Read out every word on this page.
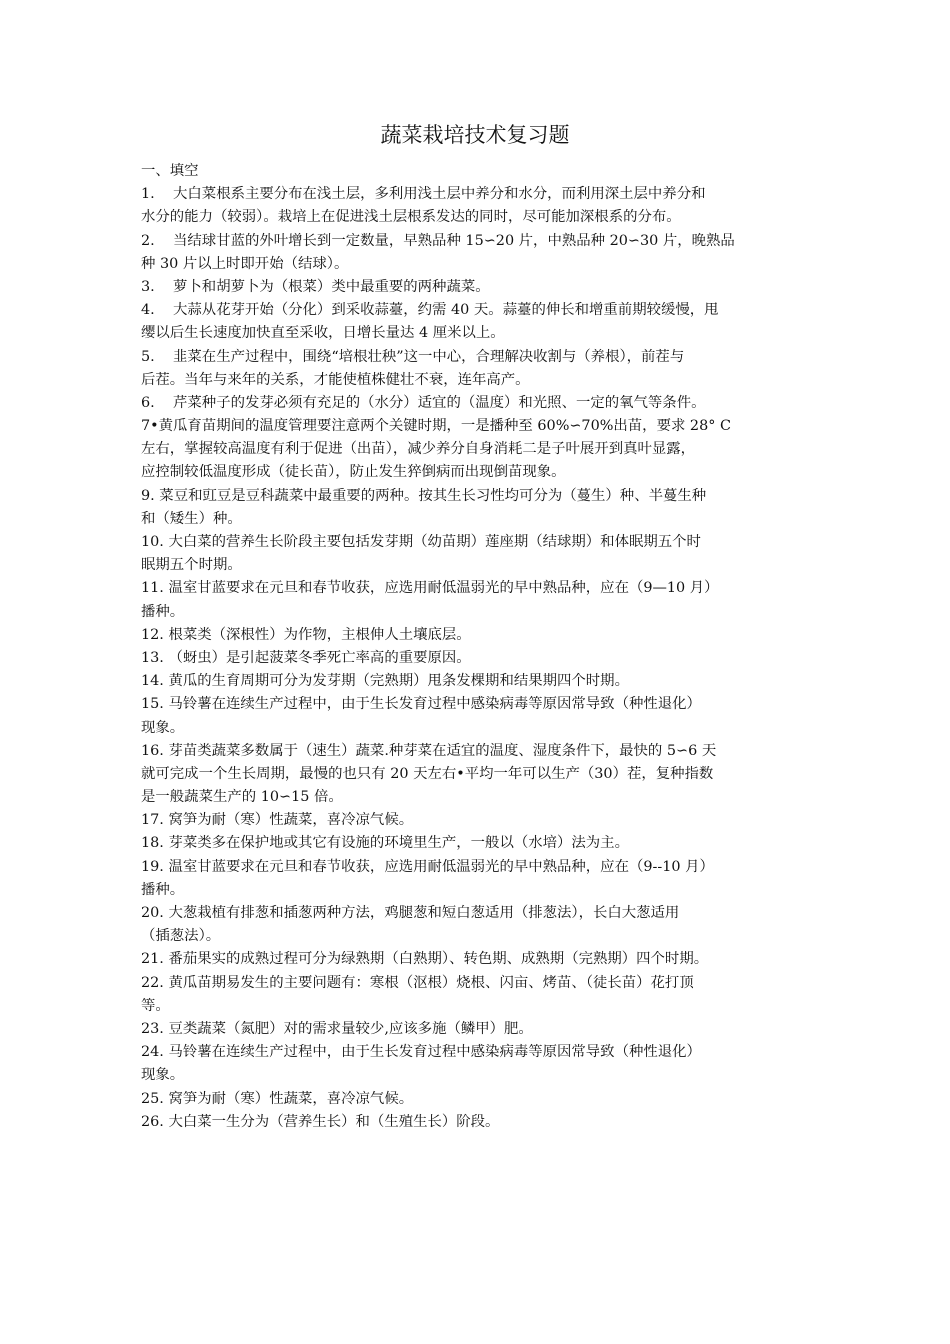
蔬菜栽培技术复习题
一、填空
1.    大白菜根系主要分布在浅土层，多利用浅土层中养分和水分，而利用深土层中养分和
水分的能力（较弱）。栽培上在促进浅土层根系发达的同时，尽可能加深根系的分布。
2.    当结球甘蓝的外叶增长到一定数量，早熟品种 15∽20 片，中熟品种 20∽30 片，晚熟品
种 30 片以上时即开始（结球）。
3.    萝卜和胡萝卜为（根菜）类中最重要的两种蔬菜。
4.    大蒜从花芽开始（分化）到采收蒜薹，约需 40 天。蒜薹的伸长和增重前期较缓慢，甩
缨以后生长速度加快直至采收，日增长量达 4 厘米以上。
5.    韭菜在生产过程中，围绕“培根壮秧”这一中心，合理解决收割与（养根），前茬与
后茬。当年与来年的关系，才能使植株健壮不衰，连年高产。
6.    芹菜种子的发芽必须有充足的（水分）适宜的（温度）和光照、一定的氧气等条件。
7•黄瓜育苗期间的温度管理要注意两个关键时期，一是播种至 60%∽70%出苗，要求 28° C
左右，掌握较高温度有利于促进（出苗），减少养分自身消耗二是子叶展开到真叶显露，
应控制较低温度形成（徒长苗），防止发生猝倒病而出现倒苗现象。
9. 菜豆和豇豆是豆科蔬菜中最重要的两种。按其生长习性均可分为（蔓生）种、半蔓生种
和（矮生）种。
10. 大白菜的营养生长阶段主要包括发芽期（幼苗期）莲座期（结球期）和体眠期五个时
眠期五个时期。
11. 温室甘蓝要求在元旦和春节收获，应选用耐低温弱光的早中熟品种，应在（9—10 月）
播种。
12. 根菜类（深根性）为作物，主根伸人土壤底层。
13. （蚜虫）是引起菠菜冬季死亡率高的重要原因。
14. 黄瓜的生育周期可分为发芽期（完熟期）甩条发棵期和结果期四个时期。
15. 马铃薯在连续生产过程中，由于生长发育过程中感染病毒等原因常导致（种性退化）
现象。
16. 芽苗类蔬菜多数属于（速生）蔬菜.种芽菜在适宜的温度、湿度条件下，最快的 5∽6 天
就可完成一个生长周期，最慢的也只有 20 天左右•平均一年可以生产（30）茬，复种指数
是一般蔬菜生产的 10∽15 倍。
17. 窝笋为耐（寒）性蔬菜，喜冷凉气候。
18. 芽菜类多在保护地或其它有设施的环境里生产，一般以（水培）法为主。
19. 温室甘蓝要求在元旦和春节收获，应选用耐低温弱光的早中熟品种，应在（9--10 月）
播种。
20. 大葱栽植有排葱和插葱两种方法，鸡腿葱和短白葱适用（排葱法），长白大葱适用
（插葱法）。
21. 番茄果实的成熟过程可分为绿熟期（白熟期）、转色期、成熟期（完熟期）四个时期。
22. 黄瓜苗期易发生的主要问题有：寒根（沤根）烧根、闪亩、烤苗、（徒长苗）花打顶
等。
23. 豆类蔬菜（氮肥）对的需求量较少,应该多施（鳞甲）肥。
24. 马铃薯在连续生产过程中，由于生长发育过程中感染病毒等原因常导致（种性退化）
现象。
25. 窝笋为耐（寒）性蔬菜，喜冷凉气候。
26. 大白菜一生分为（营养生长）和（生殖生长）阶段。
